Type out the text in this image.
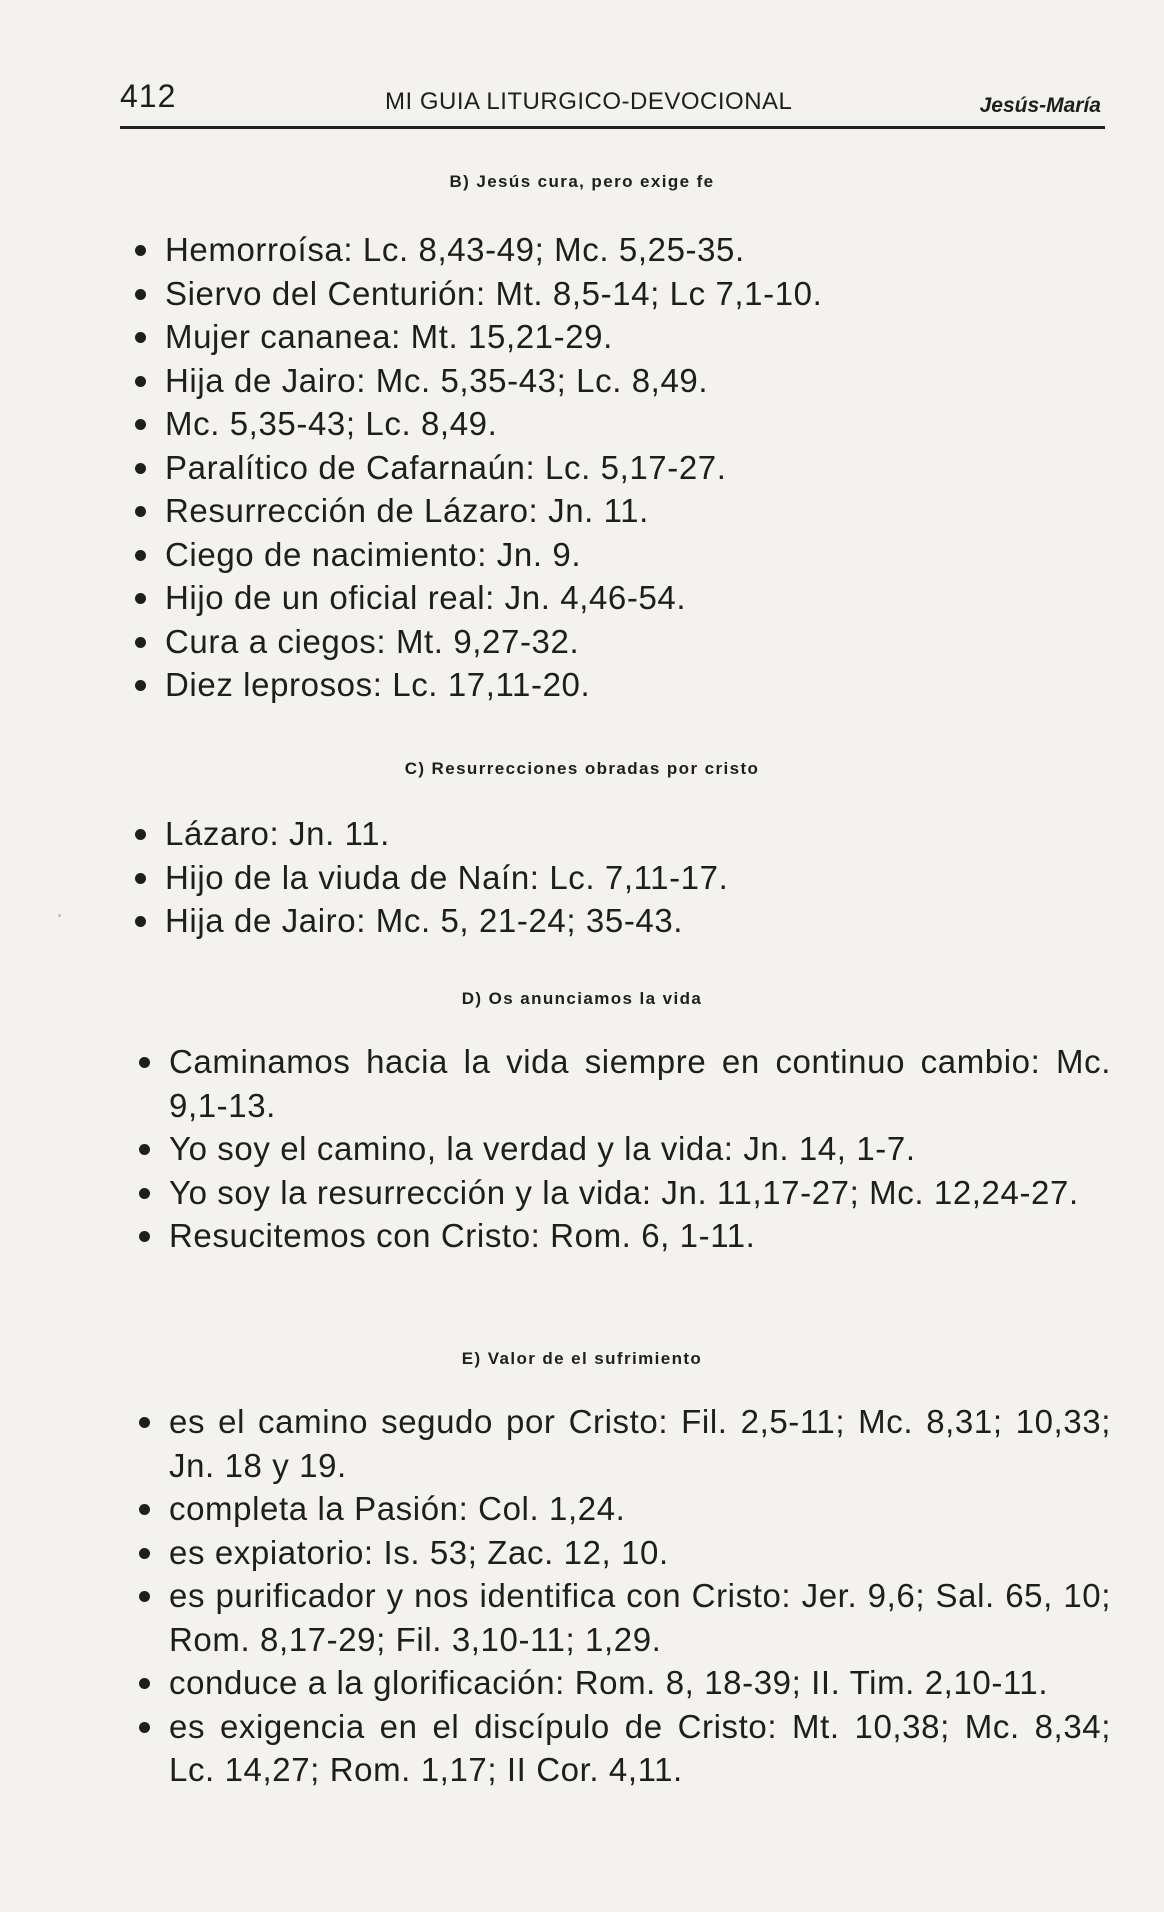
412	MI GUIA LITURGICO-DEVOCIONAL	Jesús-María
B) Jesús cura, pero exige fe
Hemorroísa: Lc. 8,43-49; Mc. 5,25-35.
Siervo del Centurión: Mt. 8,5-14; Lc 7,1-10.
Mujer cananea: Mt. 15,21-29.
Hija de Jairo: Mc. 5,35-43; Lc. 8,49.
Mc. 5,35-43; Lc. 8,49.
Paralítico de Cafarnaún: Lc. 5,17-27.
Resurrección de Lázaro: Jn. 11.
Ciego de nacimiento: Jn. 9.
Hijo de un oficial real: Jn. 4,46-54.
Cura a ciegos: Mt. 9,27-32.
Diez leprosos: Lc. 17,11-20.
C) Resurrecciones obradas por cristo
Lázaro: Jn. 11.
Hijo de la viuda de Naín: Lc. 7,11-17.
Hija de Jairo: Mc. 5, 21-24; 35-43.
D) Os anunciamos la vida
Caminamos hacia la vida siempre en continuo cambio: Mc. 9,1-13.
Yo soy el camino, la verdad y la vida: Jn. 14, 1-7.
Yo soy la resurrección y la vida: Jn. 11,17-27; Mc. 12,24-27.
Resucitemos con Cristo: Rom. 6, 1-11.
E) Valor de el sufrimiento
es el camino segudo por Cristo: Fil. 2,5-11; Mc. 8,31; 10,33; Jn. 18 y 19.
completa la Pasión: Col. 1,24.
es expiatorio: Is. 53; Zac. 12, 10.
es purificador y nos identifica con Cristo: Jer. 9,6; Sal. 65, 10; Rom. 8,17-29; Fil. 3,10-11; 1,29.
conduce a la glorificación: Rom. 8, 18-39; II. Tim. 2,10-11.
es exigencia en el discípulo de Cristo: Mt. 10,38; Mc. 8,34; Lc. 14,27; Rom. 1,17; II Cor. 4,11.
